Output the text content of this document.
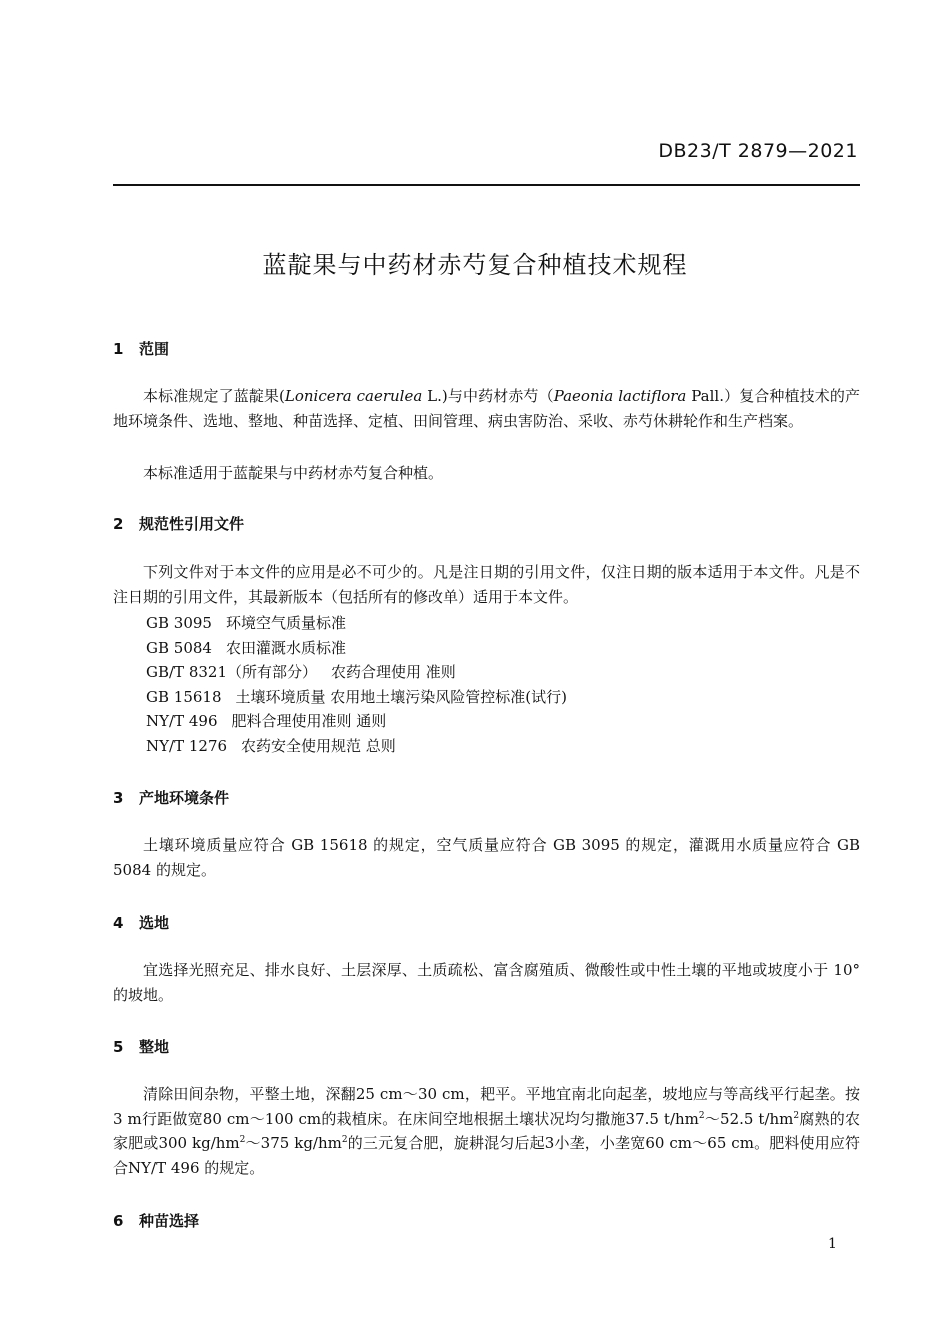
DB23/T 2879—2021
蓝靛果与中药材赤芍复合种植技术规程
1 范围

本标准规定了蓝靛果(Lonicera caerulea L.)与中药材赤芍（Paeonia lactiflora Pall.）复合种植技术的产地环境条件、选地、整地、种苗选择、定植、田间管理、病虫害防治、采收、赤芍休耕轮作和生产档案。

本标准适用于蓝靛果与中药材赤芍复合种植。

2 规范性引用文件

下列文件对于本文件的应用是必不可少的。凡是注日期的引用文件，仅注日期的版本适用于本文件。凡是不注日期的引用文件，其最新版本（包括所有的修改单）适用于本文件。

GB 3095 环境空气质量标准
GB 5084 农田灌溉水质标准
GB/T 8321（所有部分） 农药合理使用 准则
GB 15618 土壤环境质量 农用地土壤污染风险管控标准(试行)
NY/T 496 肥料合理使用准则 通则
NY/T 1276 农药安全使用规范 总则
3 产地环境条件

土壤环境质量应符合 GB 15618 的规定，空气质量应符合 GB 3095 的规定，灌溉用水质量应符合 GB 5084 的规定。

4 选地

宜选择光照充足、排水良好、土层深厚、土质疏松、富含腐殖质、微酸性或中性土壤的平地或坡度小于 10°的坡地。

5 整地

清除田间杂物，平整土地，深翻25 cm～30 cm，耙平。平地宜南北向起垄，坡地应与等高线平行起垄。按3 m行距做宽80 cm～100 cm的栽植床。在床间空地根据土壤状况均匀撒施37.5 $t/hm^2\sim 52.5$ $t/hm^2$腐熟的农家肥或300 $kg/hm^2\sim 375$ $kg/hm^2$的三元复合肥，旋耕混匀后起3小垄，小垄宽60 cm～65 cm。肥料使用应符合NY/T 496 的规定。

6 种苗选择
1
